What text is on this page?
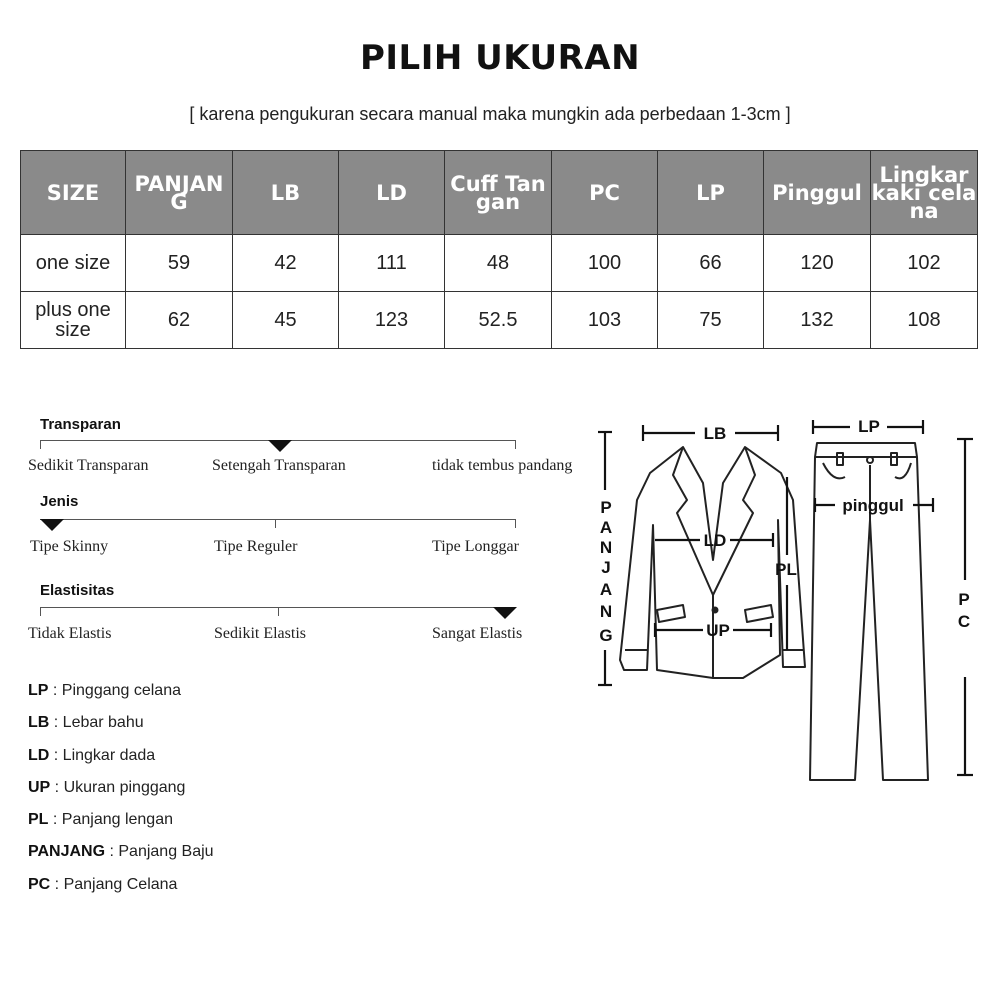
PILIH UKURAN
[ karena pengukuran secara manual maka mungkin ada perbedaan 1-3cm ]
SIZE	PANJANG	LB	LD	Cuff Tangan	PC	LP	Pinggul	Lingkar kaki celana
one size	59	42	111	48	100	66	120	102
plus one size	62	45	123	52.5	103	75	132	108
Transparan
Sedikit Transparan	Setengah Transparan	tidak tembus pandang
Jenis
Tipe Skinny	Tipe Reguler	Tipe Longgar
Elastisitas
Tidak Elastis	Sedikit Elastis	Sangat Elastis
LP : Pinggang celana
LB : Lebar bahu
LD : Lingkar dada
UP : Ukuran pinggang
PL : Panjang lengan
PANJANG : Panjang Baju
PC : Panjang Celana
LB	LP
LD
UP
pinggul
PL
P
A
N
J
A
N
G
P
C
